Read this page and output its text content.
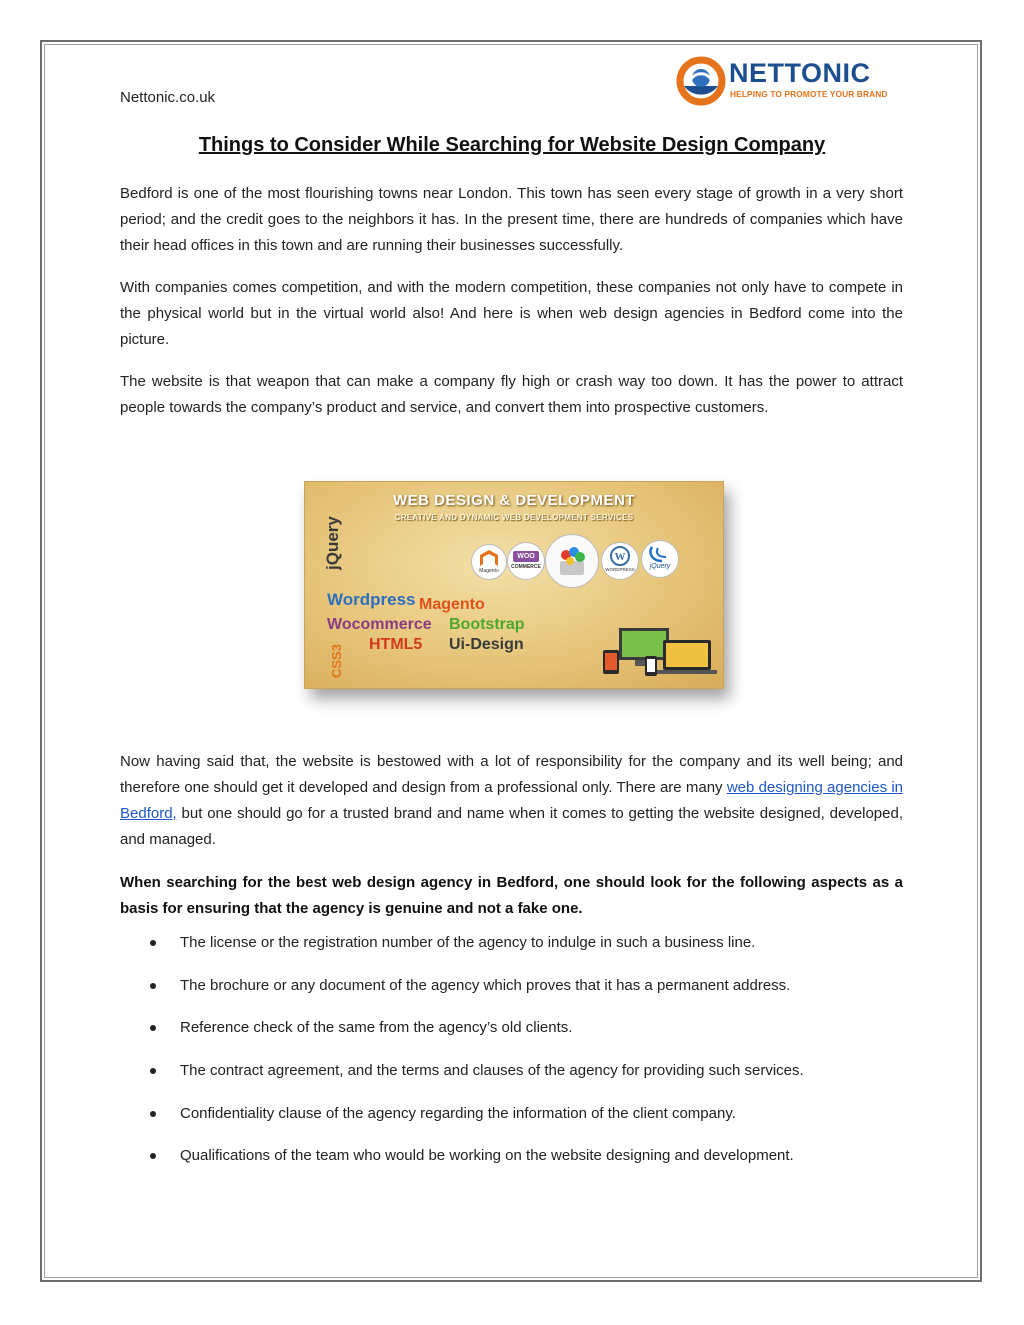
Nettonic.co.uk
NETTONIC
HELPING TO PROMOTE YOUR BRAND
Things to Consider While Searching for Website Design Company

Bedford is one of the most flourishing towns near London. This town has seen every stage of growth in a very short period; and the credit goes to the neighbors it has. In the present time, there are hundreds of companies which have their head offices in this town and are running their businesses successfully.

With companies comes competition, and with the modern competition, these companies not only have to compete in the physical world but in the virtual world also! And here is when web design agencies in Bedford come into the picture.

The website is that weapon that can make a company fly high or crash way too down. It has the power to attract people towards the company’s product and service, and convert them into prospective customers.

WEB DESIGN & DEVELOPMENT
CREATIVE AND DYNAMIC WEB DEVELOPMENT SERVICES
jQuery
Wordpress Magento
Wocommerce Bootstrap
CSS3 HTML5 Ui-Design
Magento
WOO
COMMERCE
W
WORDPRESS	jQuery

Now having said that, the website is bestowed with a lot of responsibility for the company and its well being; and therefore one should get it developed and design from a professional only. There are many web designing agencies in Bedford, but one should go for a trusted brand and name when it comes to getting the website designed, developed, and managed.

When searching for the best web design agency in Bedford, one should look for the following aspects as a basis for ensuring that the agency is genuine and not a fake one.

The license or the registration number of the agency to indulge in such a business line.
The brochure or any document of the agency which proves that it has a permanent address.
Reference check of the same from the agency’s old clients.
The contract agreement, and the terms and clauses of the agency for providing such services.
Confidentiality clause of the agency regarding the information of the client company.
Qualifications of the team who would be working on the website designing and development.
